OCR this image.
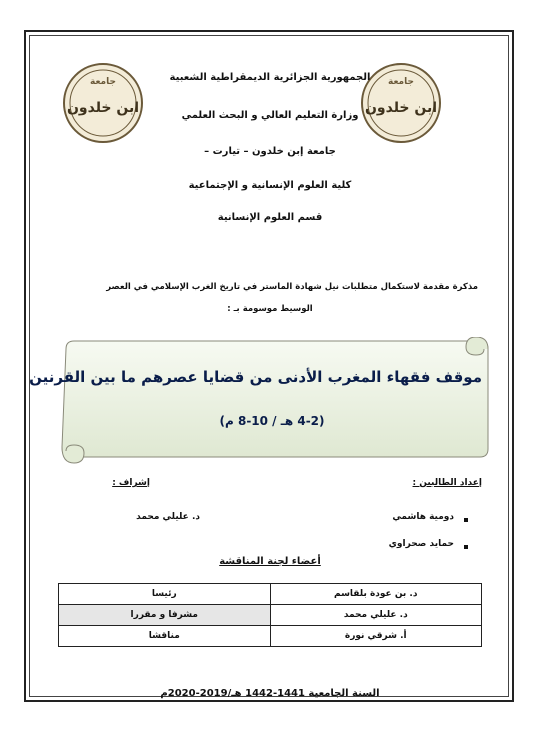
جامعة
ابن خلدون
جامعة
ابن خلدون
الجمهورية الجزائرية الديمقراطية الشعبية
وزارة التعليم العالي و البحث العلمي
جامعة إبن خلدون – تيارت –
كلية العلوم الإنسانية و الإجتماعية
قسم العلوم الإنسانية
مذكرة مقدمة لاستكمال متطلبات نيل شهادة الماستر في تاريخ الغرب الإسلامي في العصر
الوسيط موسومة بـ :
موقف فقهاء المغرب الأدنى من قضايا عصرهم ما بين القرنين
(4-2 هـ / 10-8 م)
إعداد الطالبين :
دومية هاشمي
حمايد صحراوي
إشراف :
د. عليلي محمد
أعضاء لجنة المناقشة
د. بن عودة بلقاسم	رئيسا
د. عليلي محمد	مشرفا و مقررا
أ. شرقي نورة	مناقشا
السنة الجامعية 1441-1442 هـ/2019-2020م
